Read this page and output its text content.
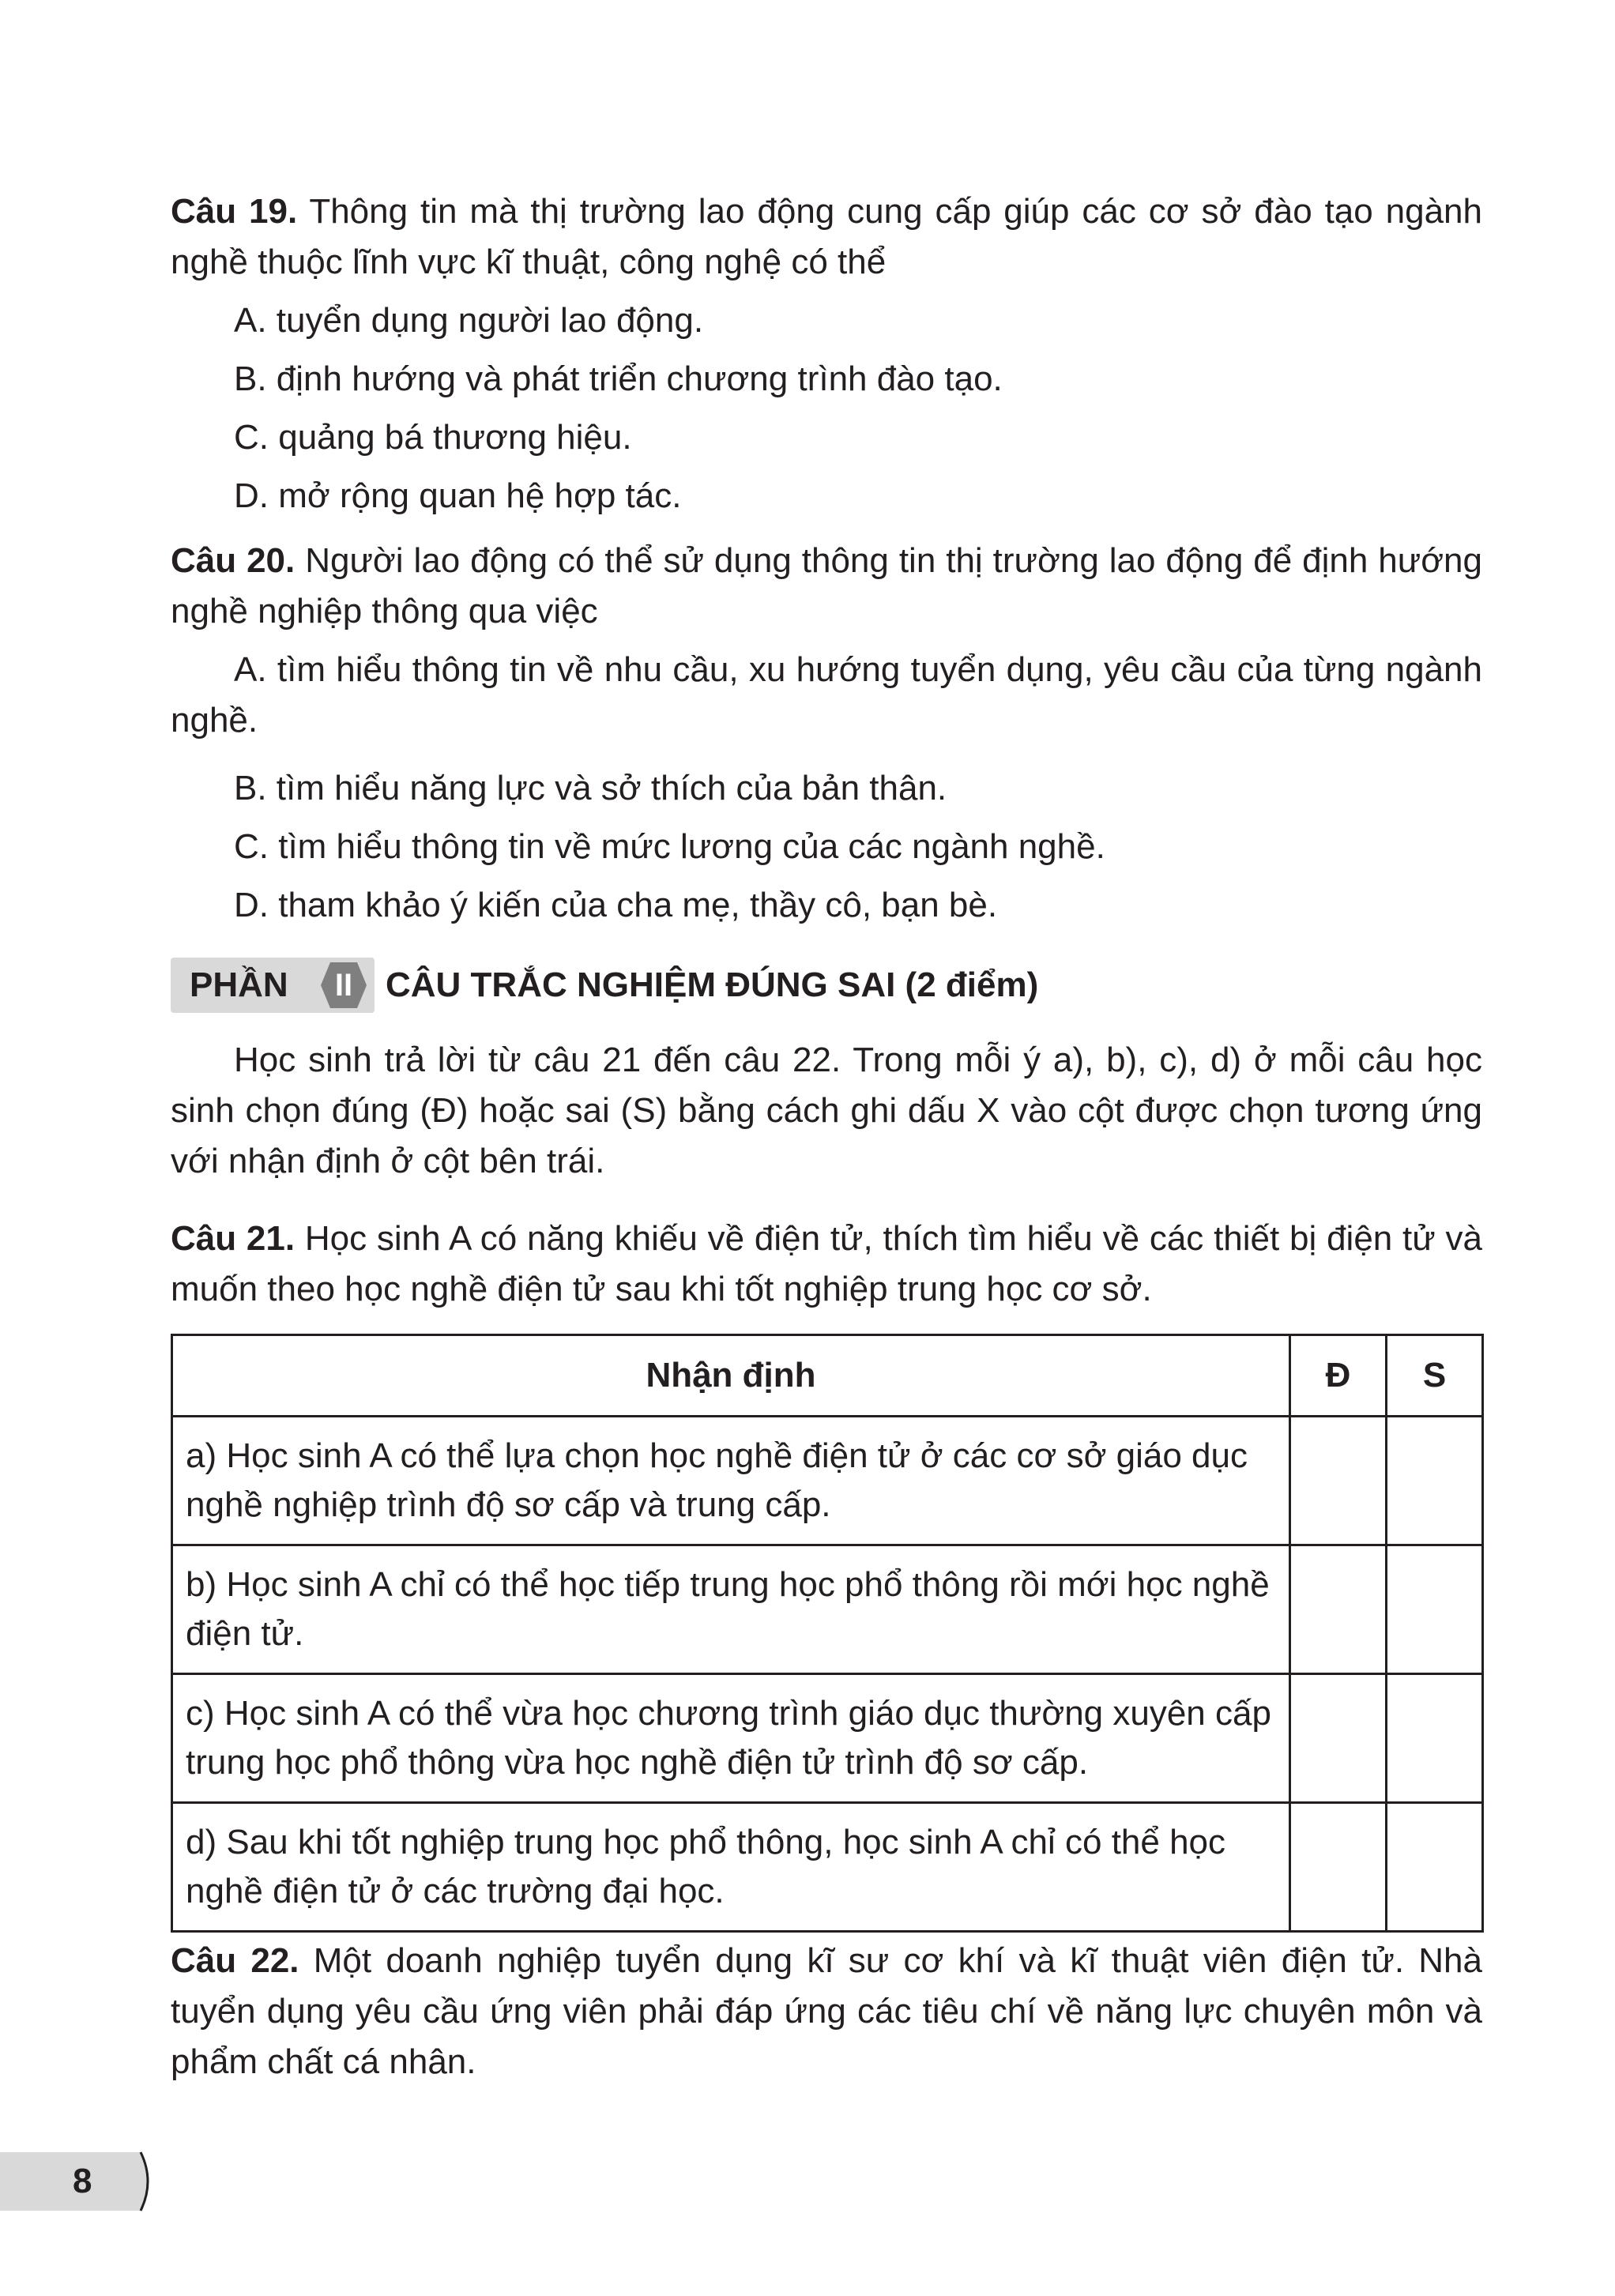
Câu 19. Thông tin mà thị trường lao động cung cấp giúp các cơ sở đào tạo ngành nghề thuộc lĩnh vực kĩ thuật, công nghệ có thể
A. tuyển dụng người lao động.
B. định hướng và phát triển chương trình đào tạo.
C. quảng bá thương hiệu.
D. mở rộng quan hệ hợp tác.
Câu 20. Người lao động có thể sử dụng thông tin thị trường lao động để định hướng nghề nghiệp thông qua việc
A. tìm hiểu thông tin về nhu cầu, xu hướng tuyển dụng, yêu cầu của từng ngành nghề.
B. tìm hiểu năng lực và sở thích của bản thân.
C. tìm hiểu thông tin về mức lương của các ngành nghề.
D. tham khảo ý kiến của cha mẹ, thầy cô, bạn bè.
PHẦN	II CÂU TRẮC NGHIỆM ĐÚNG SAI (2 điểm)
Học sinh trả lời từ câu 21 đến câu 22. Trong mỗi ý a), b), c), d) ở mỗi câu học sinh chọn đúng (Đ) hoặc sai (S) bằng cách ghi dấu X vào cột được chọn tương ứng với nhận định ở cột bên trái.
Câu 21. Học sinh A có năng khiếu về điện tử, thích tìm hiểu về các thiết bị điện tử và muốn theo học nghề điện tử sau khi tốt nghiệp trung học cơ sở.
Nhận định	Đ	S
a) Học sinh A có thể lựa chọn học nghề điện tử ở các cơ sở giáo dục nghề nghiệp trình độ sơ cấp và trung cấp.		
b) Học sinh A chỉ có thể học tiếp trung học phổ thông rồi mới học nghề điện tử.		
c) Học sinh A có thể vừa học chương trình giáo dục thường xuyên cấp trung học phổ thông vừa học nghề điện tử trình độ sơ cấp.		
d) Sau khi tốt nghiệp trung học phổ thông, học sinh A chỉ có thể học nghề điện tử ở các trường đại học.		
Câu 22. Một doanh nghiệp tuyển dụng kĩ sư cơ khí và kĩ thuật viên điện tử. Nhà tuyển dụng yêu cầu ứng viên phải đáp ứng các tiêu chí về năng lực chuyên môn và phẩm chất cá nhân.
8
